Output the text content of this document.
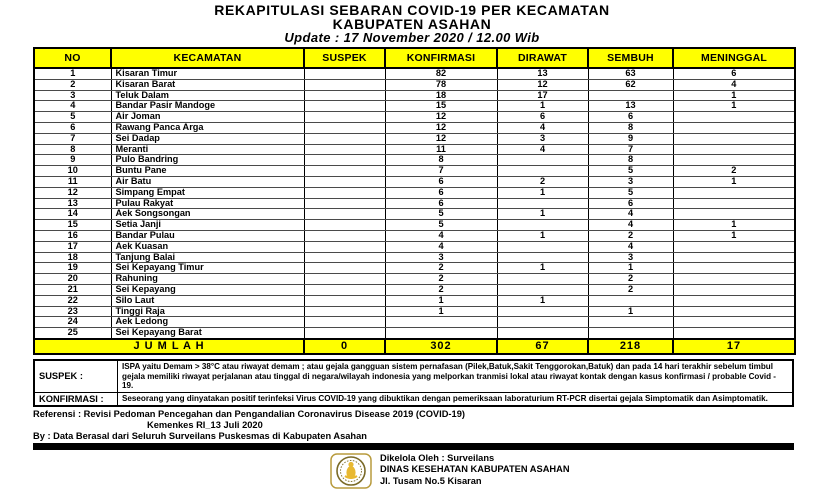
REKAPITULASI SEBARAN COVID-19 PER KECAMATAN
KABUPATEN ASAHAN
Update : 17 November 2020 / 12.00 Wib
NO	KECAMATAN	SUSPEK	KONFIRMASI	DIRAWAT	SEMBUH	MENINGGAL
1	Kisaran Timur		82	13	63	6
2	Kisaran Barat		78	12	62	4
3	Teluk Dalam		18	17		1
4	Bandar Pasir Mandoge		15	1	13	1
5	Air Joman		12	6	6	
6	Rawang Panca Arga		12	4	8	
7	Sei Dadap		12	3	9	
8	Meranti		11	4	7	
9	Pulo Bandring		8		8	
10	Buntu Pane		7		5	2
11	Air Batu		6	2	3	1
12	Simpang Empat		6	1	5	
13	Pulau Rakyat		6		6	
14	Aek Songsongan		5	1	4	
15	Setia Janji		5		4	1
16	Bandar Pulau		4	1	2	1
17	Aek Kuasan		4		4	
18	Tanjung Balai		3		3	
19	Sei Kepayang Timur		2	1	1	
20	Rahuning		2		2	
21	Sei Kepayang		2		2	
22	Silo Laut		1	1		
23	Tinggi Raja		1		1	
24	Aek Ledong					
25	Sei Kepayang Barat					
J U M L A H		0	302	67	218	17
SUSPEK :	ISPA yaitu Demam > 38°C atau riwayat demam ; atau gejala gangguan sistem pernafasan (Pilek,Batuk,Sakit Tenggorokan,Batuk) dan pada 14 hari terakhir sebelum timbul gejala memiliki riwayat perjalanan atau tinggal di negara/wilayah indonesia yang melporkan tranmisi lokal atau riwayat kontak dengan kasus konfirmasi / probable Covid - 19.
KONFIRMASI :	Seseorang yang dinyatakan positif terinfeksi Virus COVID-19 yang dibuktikan dengan pemeriksaan laboraturium RT-PCR disertai gejala Simptomatik dan Asimptomatik.
Referensi : Revisi Pedoman Pencegahan dan Pengandalian Coronavirus Disease 2019 (COVID-19)
Kemenkes RI_13 Juli 2020
By : Data Berasal dari Seluruh Surveilans Puskesmas di Kabupaten Asahan
Dikelola Oleh : Surveilans
DINAS KESEHATAN KABUPATEN ASAHAN
Jl. Tusam No.5 Kisaran
